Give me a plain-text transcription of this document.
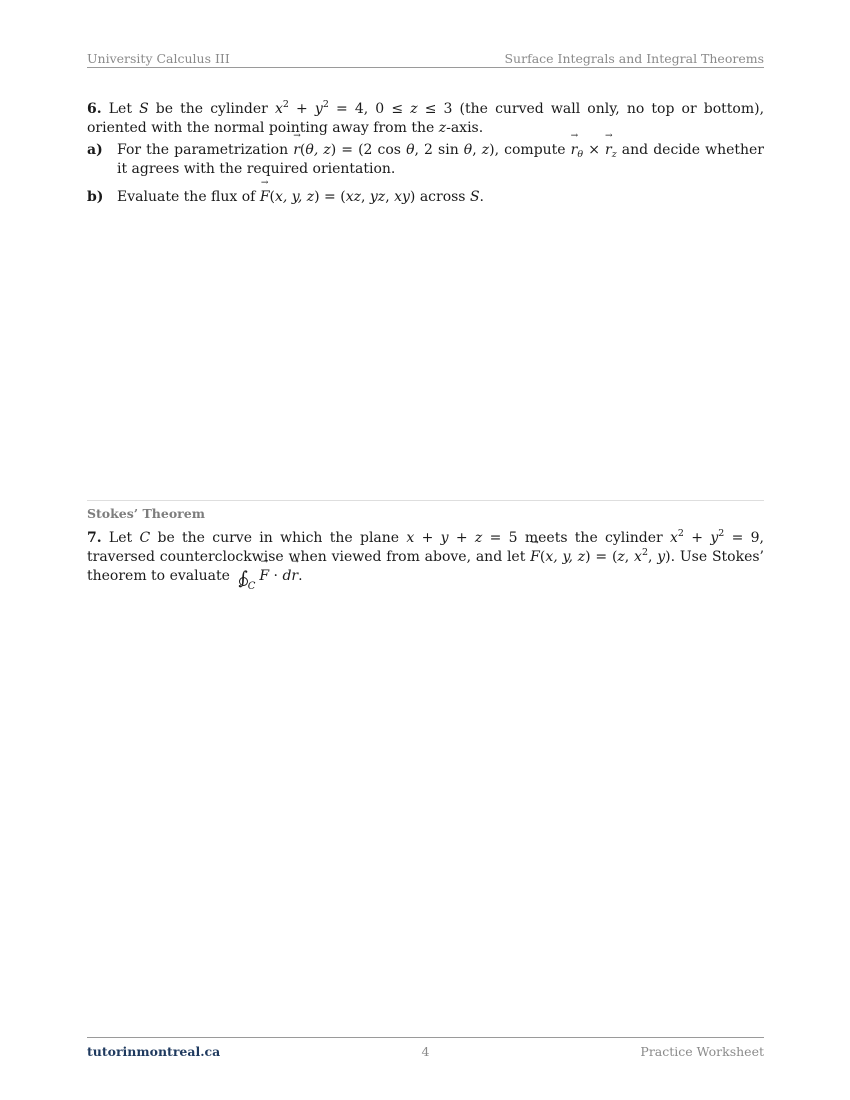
University Calculus III	Surface Integrals and Integral Theorems
6. Let S be the cylinder $x^2 + y^2 = 4$, 0 ≤ z ≤ 3 (the curved wall only, no top or bottom), oriented with the normal pointing away from the z-axis.
a)	For the parametrization → r(θ, z) = (2 cos θ, 2 sin θ, z), compute → $r_\theta$ × → $r_z$ and decide whether it agrees with the required orientation.
b) Evaluate the flux of → F(x, y, z) = (xz, yz, xy) across S.
Stokes’ Theorem
7. Let C be the curve in which the plane x + y + z = 5 meets the cylinder $x^2 + y^2 = 9$, traversed counterclockwise when viewed from above, and let → F(x, y, z) = (z, $x^2$, y). Use Stokes’ theorem to evaluate $\int_C\to F \cdot d\to r$.
tutorinmontreal.ca	4	Practice Worksheet
